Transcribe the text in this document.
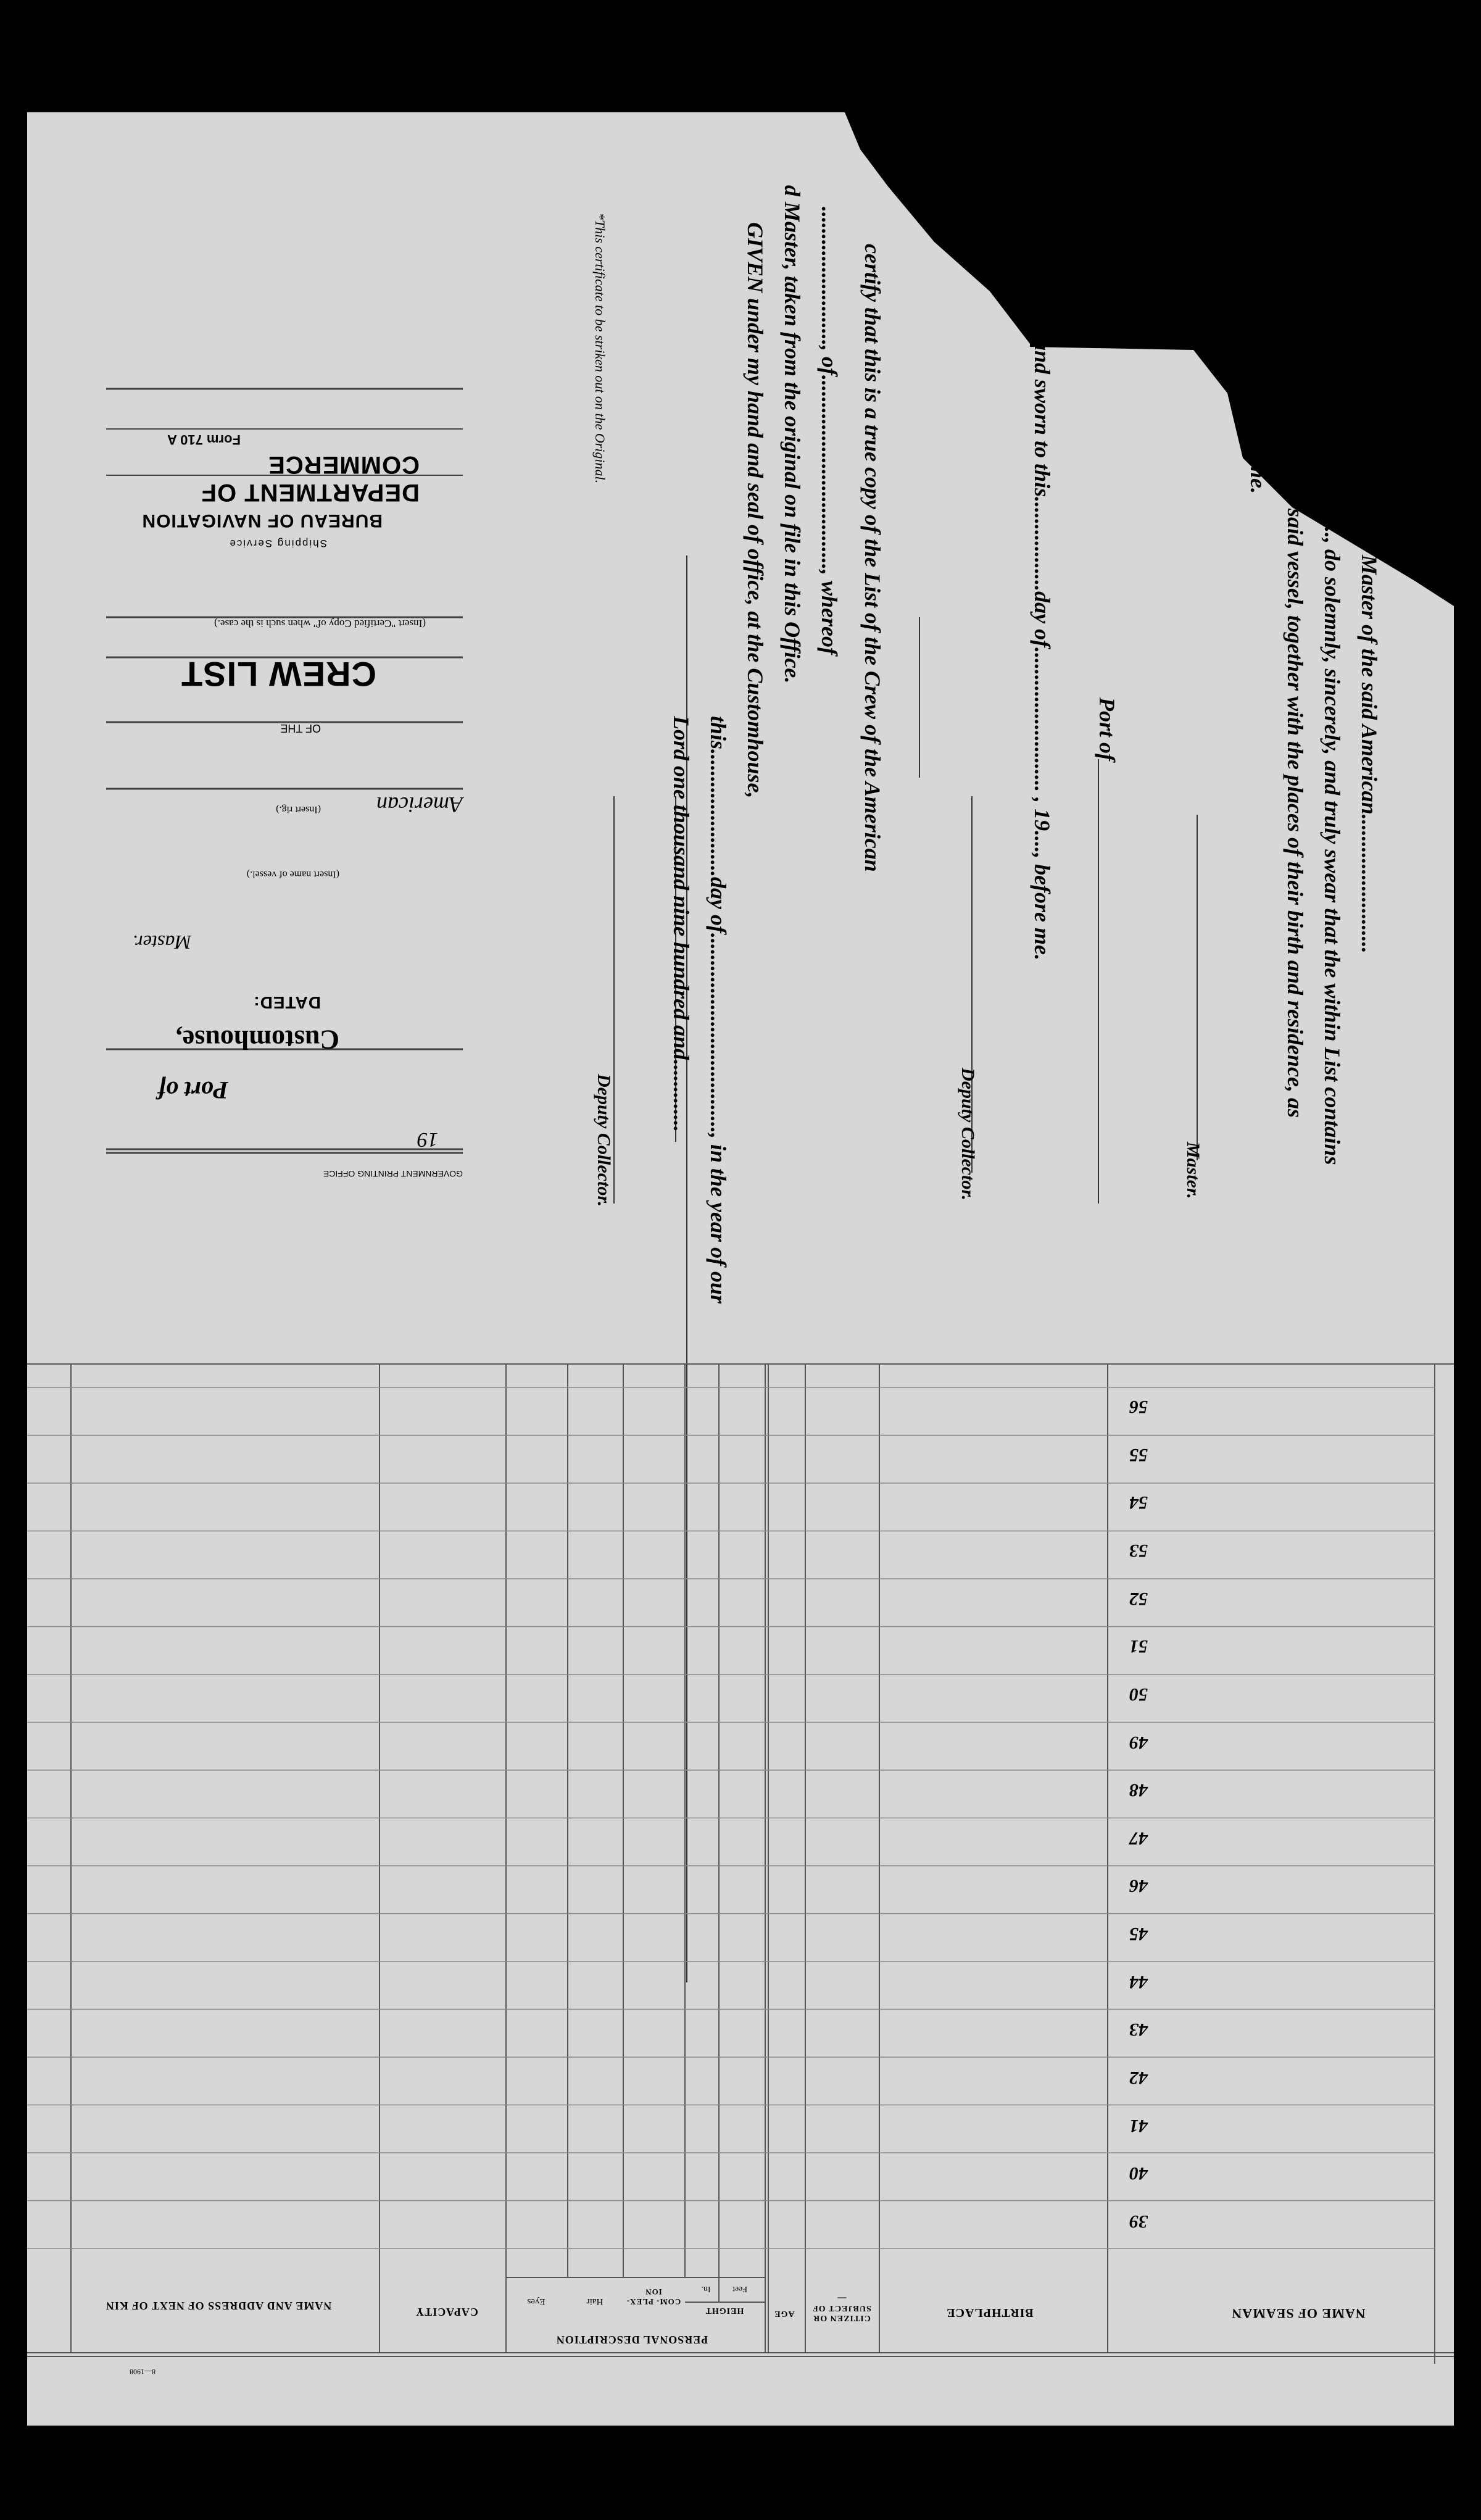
GOVERNMENT PRINTING OFFICE
19
Port of
Customhouse,
DATED:
Master.
(Insert name of vessel.)
American
(Insert rig.)
OF THE
CREW LIST
(Insert "Certified Copy of" when such is the case.)
Shipping Service
BUREAU OF NAVIGATION
DEPARTMENT OF COMMERCE
Form 710 A	*This certificate to be striken out on the Original.	certify that this is a true copy of the List of the Crew of the American
........................., of..................................., whereof
d Master, taken from the original on file in this Office.
GIVEN under my hand and seal of office, at the Customhouse,
this.......................day of...................................., in the year of our
Lord one thousand nine hundred and.............
Deputy Collector.
........., Master of the said American.........................
........, do solemnly, sincerely, and truly swear that the within List contains
of the said vessel, together with the places of their birth and residence, as
e same.
Master.
Port of
and sworn to this.................day of.......................... , 19...., before me.
Deputy Collector.
NAME OF SEAMAN
BIRTHPLACE
CITIZEN OR SUBJECT OF—
AGE
PERSONAL DESCRIPTION
HEIGHT
Feet
In.
COM- PLEX- ION
Hair
Eyes
CAPACITY
NAME AND ADDRESS OF NEXT OF KIN
8—1908
39
40
41
42
43
44
45
46
47
48
49
50
51
52
53
54
55
56
